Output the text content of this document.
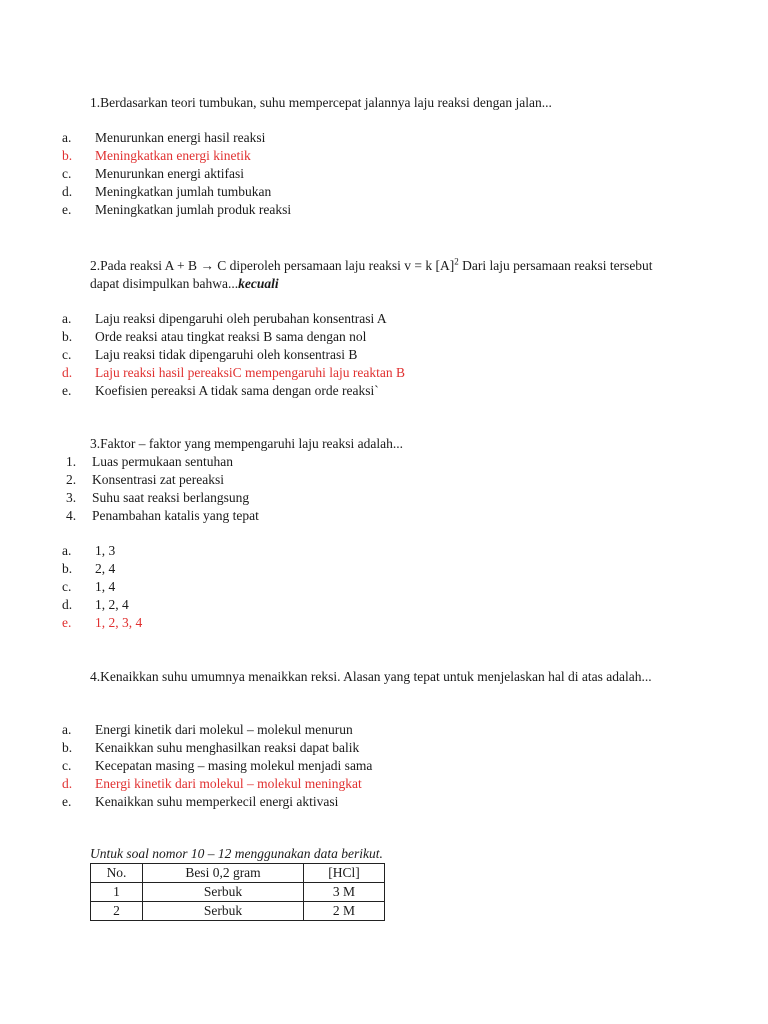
1.Berdasarkan teori tumbukan, suhu mempercepat jalannya laju reaksi dengan jalan...
a.	Menurunkan energi hasil reaksi
b.	Meningkatkan energi kinetik
c.	Menurunkan energi aktifasi
d.	Meningkatkan jumlah tumbukan
e.	Meningkatkan jumlah produk reaksi
2.Pada reaksi A + B → C diperoleh persamaan laju reaksi v = k $[A]^2$ Dari laju persamaan reaksi tersebut dapat disimpulkan bahwa...kecuali
a.	Laju reaksi dipengaruhi oleh perubahan konsentrasi A
b.	Orde reaksi atau tingkat reaksi B sama dengan nol
c.	Laju reaksi tidak dipengaruhi oleh konsentrasi B
d.	Laju reaksi hasil pereaksiC mempengaruhi laju reaktan B
e.	Koefisien pereaksi A tidak sama dengan orde reaksi`
3.Faktor – faktor yang mempengaruhi laju reaksi adalah...
1.	Luas permukaan sentuhan
2.	Konsentrasi zat pereaksi
3.	Suhu saat reaksi berlangsung
4.	Penambahan katalis yang tepat
a.	1, 3
b.	2, 4
c.	1, 4
d.	1, 2, 4
e.	1, 2, 3, 4
4.Kenaikkan suhu umumnya menaikkan reksi. Alasan yang tepat untuk menjelaskan hal di atas adalah...
a.	Energi kinetik dari molekul – molekul menurun
b.	Kenaikkan suhu menghasilkan reaksi dapat balik
c.	Kecepatan masing – masing molekul menjadi sama
d.	Energi kinetik dari molekul – molekul meningkat
e.	Kenaikkan suhu memperkecil energi aktivasi
Untuk soal nomor 10 – 12 menggunakan data berikut.
No.	Besi 0,2 gram	[HCl]
1	Serbuk	3 M
2	Serbuk	2 M
